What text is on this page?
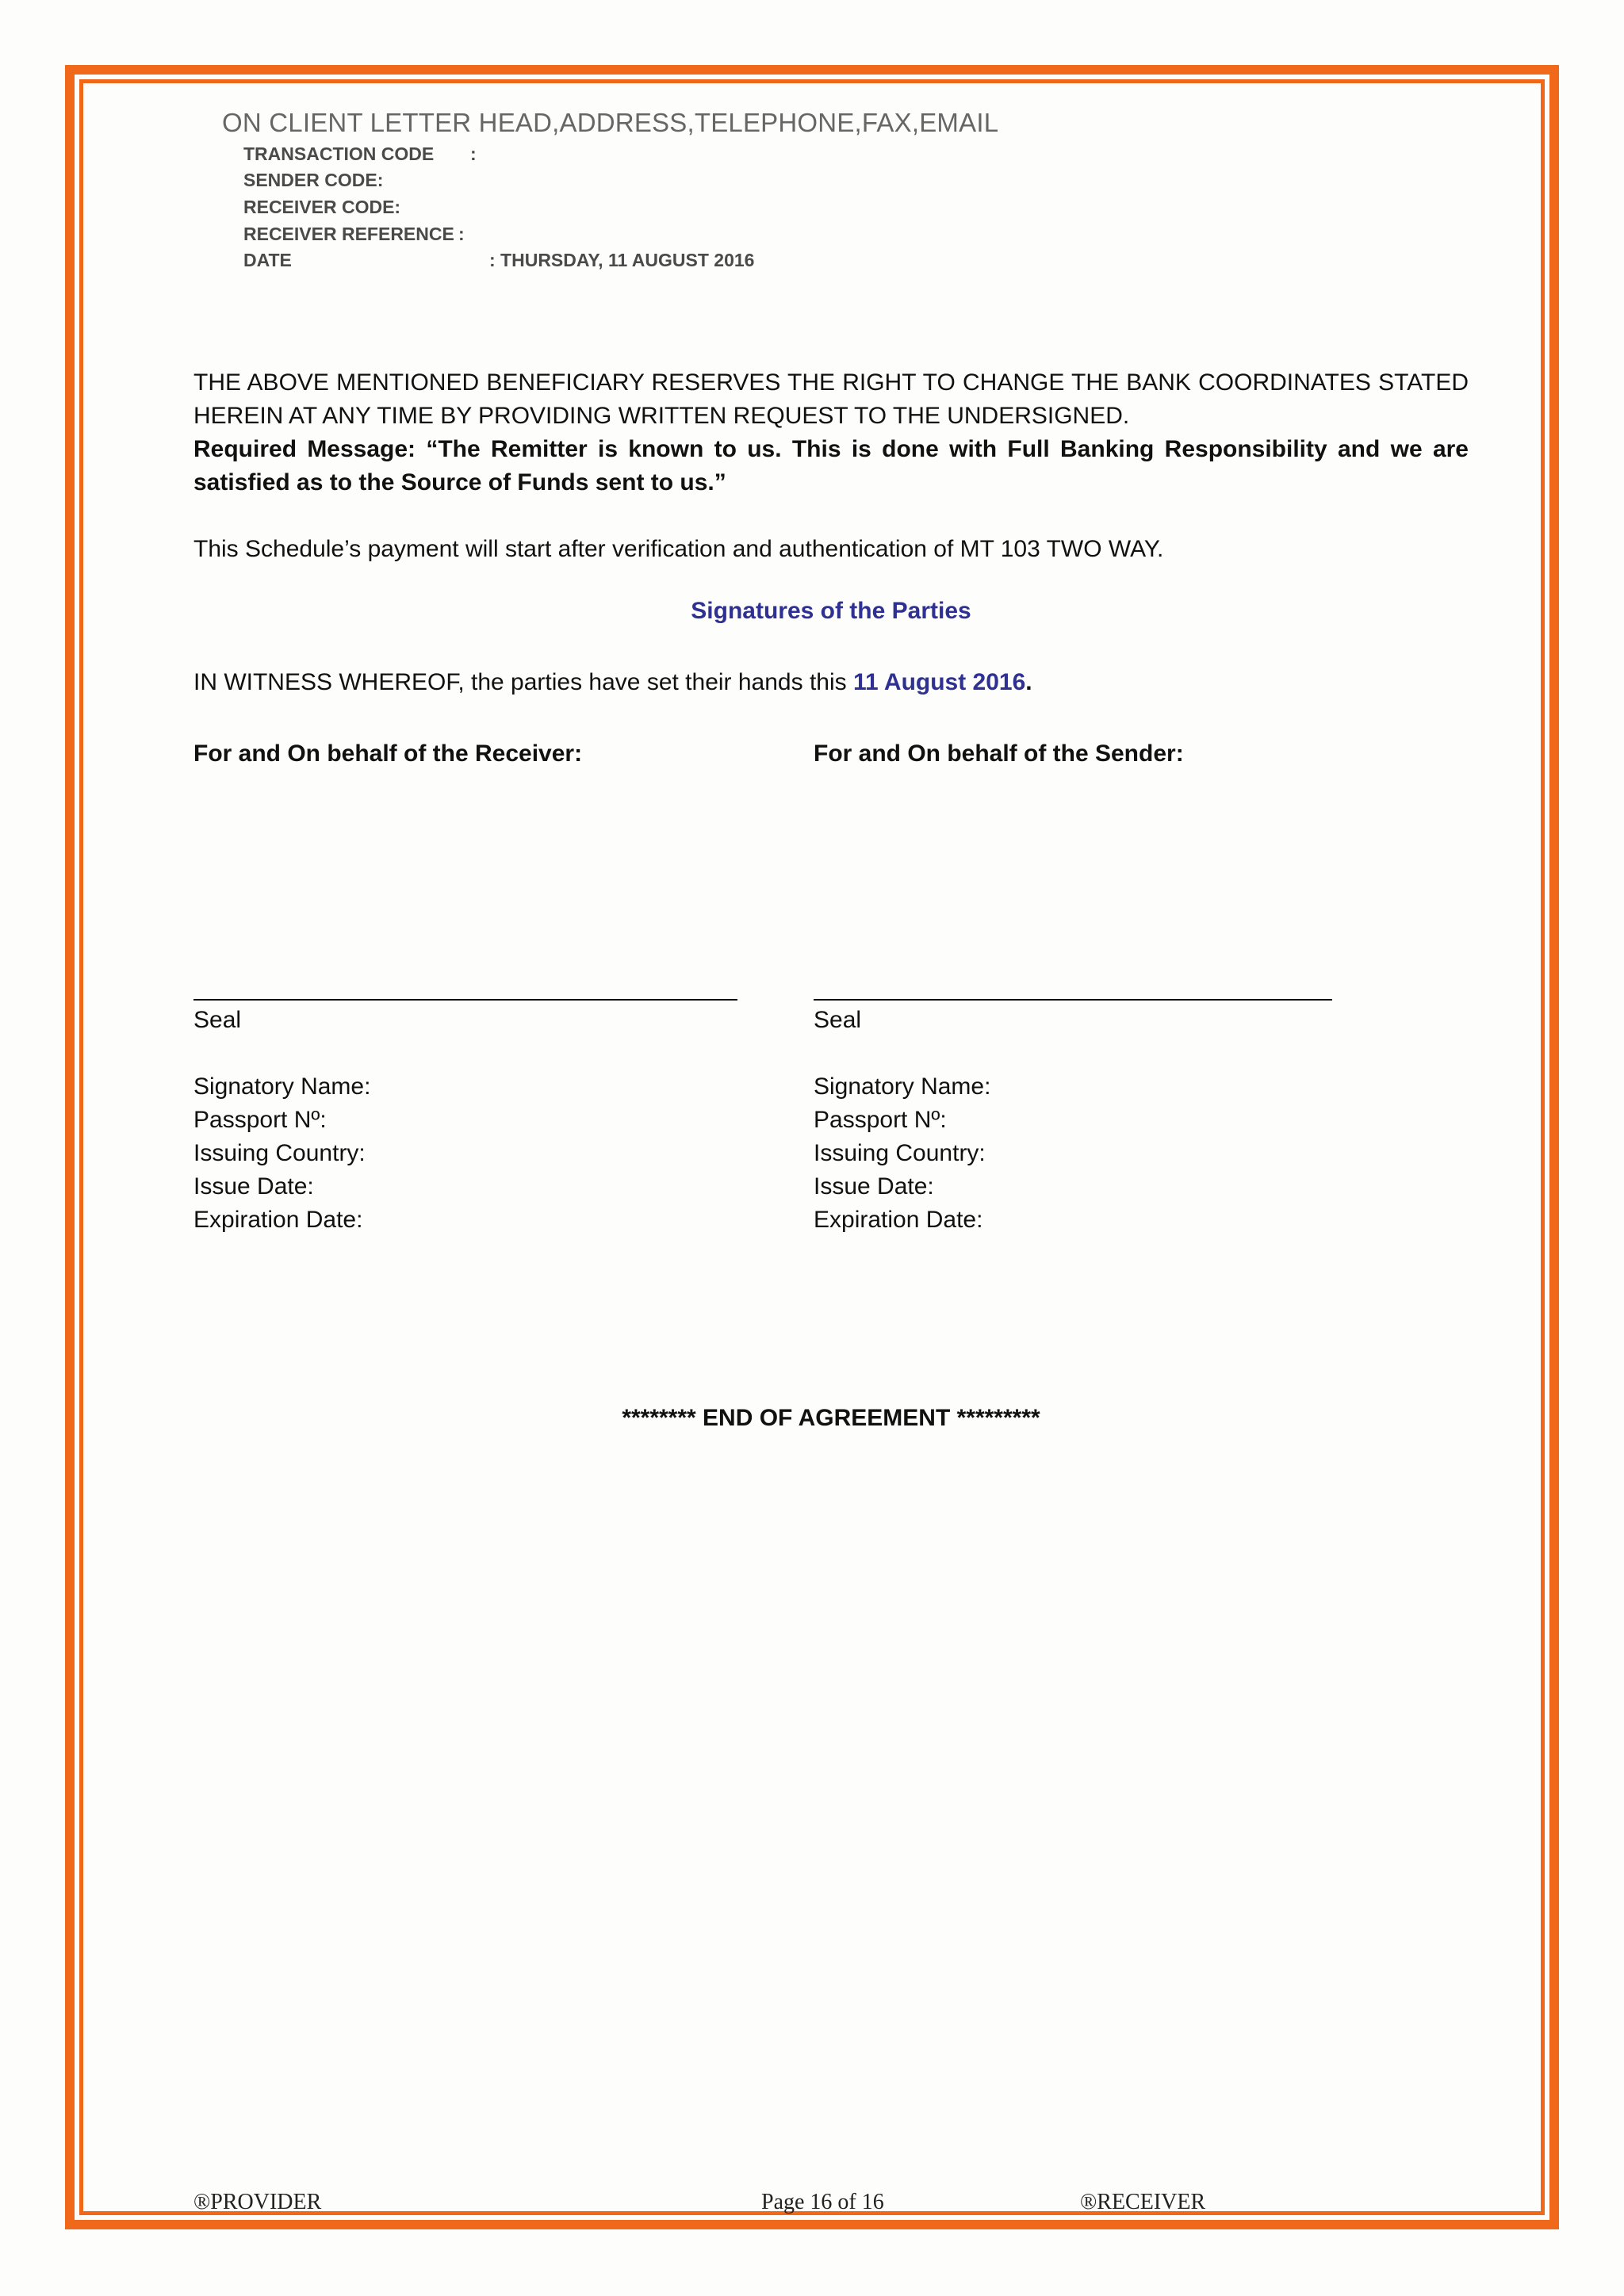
ON CLIENT LETTER HEAD,ADDRESS,TELEPHONE,FAX,EMAIL
TRANSACTION CODE :
SENDER CODE:
RECEIVER CODE:
RECEIVER REFERENCE :
DATE	: THURSDAY, 11 AUGUST 2016
THE ABOVE MENTIONED BENEFICIARY RESERVES THE RIGHT TO CHANGE THE BANK COORDINATES STATED HEREIN AT ANY TIME BY PROVIDING WRITTEN REQUEST TO THE UNDERSIGNED.
Required Message: “The Remitter is known to us. This is done with Full Banking Responsibility and we are satisfied as to the Source of Funds sent to us.”
This Schedule’s payment will start after verification and authentication of MT 103 TWO WAY.
Signatures of the Parties
IN WITNESS WHEREOF, the parties have set their hands this 11 August 2016.
For and On behalf of the Receiver:
Seal
Signatory Name:
Passport Nº:
Issuing Country:
Issue Date:
Expiration Date:
For and On behalf of the Sender:
Seal
Signatory Name:
Passport Nº:
Issuing Country:
Issue Date:
Expiration Date:
******** END OF AGREEMENT *********
®PROVIDER	Page 16 of 16	®RECEIVER
